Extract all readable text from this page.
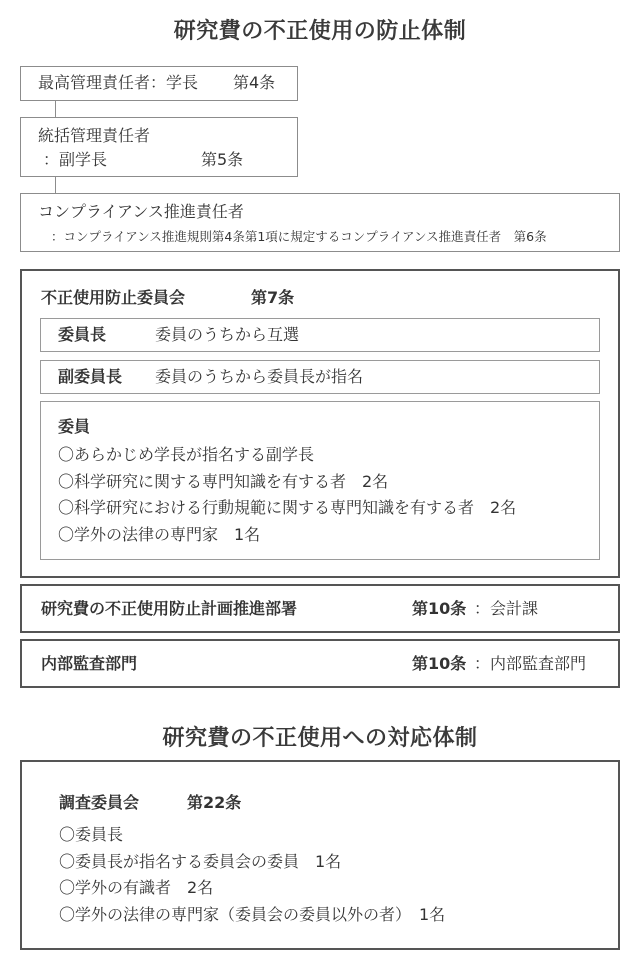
研究費の不正使用の防止体制
最高管理責任者：学長 第4条
統括管理責任者
：副学長	第5条
コンプライアンス推進責任者
：コンプライアンス推進規則第4条第1項に規定するコンプライアンス推進責任者　第6条
不正使用防止委員会	第7条
委員長	委員のうちから互選
副委員長 委員のうちから委員長が指名
委員
〇あらかじめ学長が指名する副学長
〇科学研究に関する専門知識を有する者　2名
〇科学研究における行動規範に関する専門知識を有する者　2名
〇学外の法律の専門家　1名
研究費の不正使用防止計画推進部署	第10条 ：会計課
内部監査部門	第10条 ：内部監査部門
研究費の不正使用への対応体制
調査委員会	第22条
〇委員長
〇委員長が指名する委員会の委員　1名
〇学外の有識者　2名
〇学外の法律の専門家（委員会の委員以外の者）　1名
